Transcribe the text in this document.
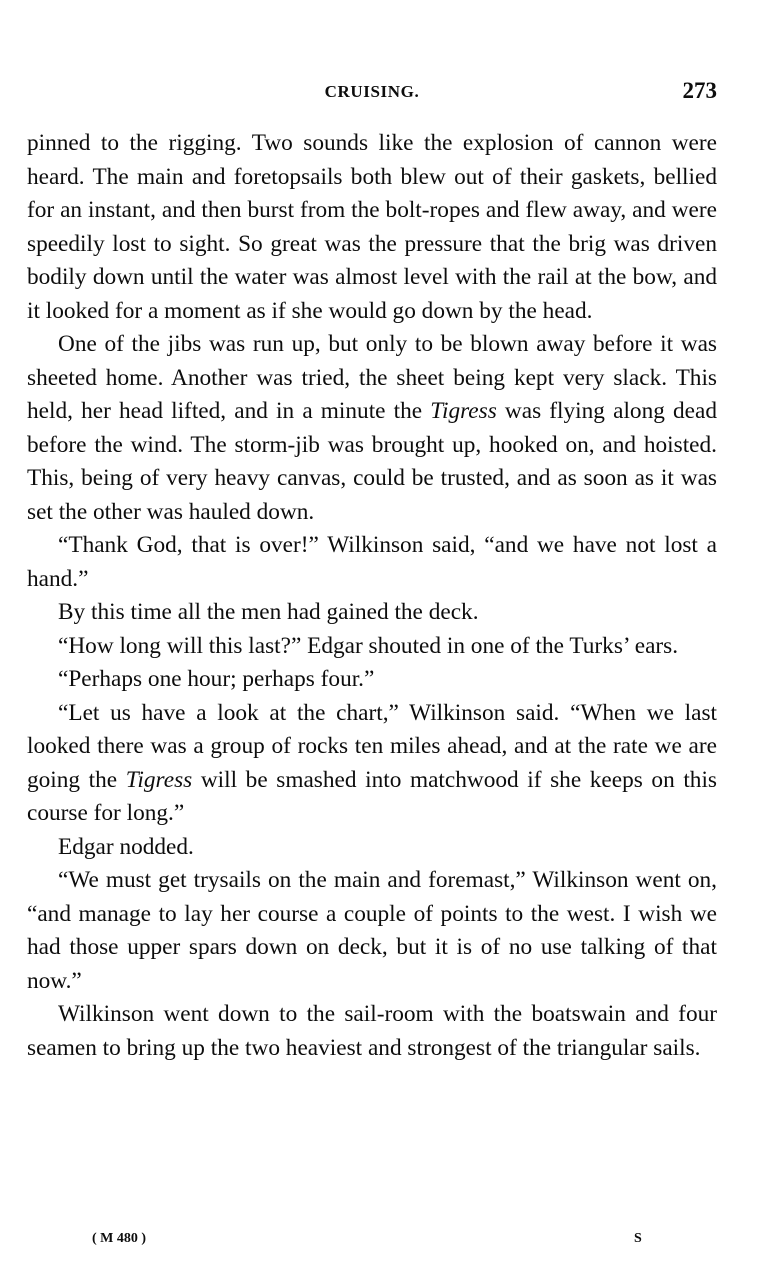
CRUISING.	273

pinned to the rigging. Two sounds like the explosion of cannon were heard. The main and foretopsails both blew out of their gaskets, bellied for an instant, and then burst from the bolt-ropes and flew away, and were speedily lost to sight. So great was the pressure that the brig was driven bodily down until the water was almost level with the rail at the bow, and it looked for a moment as if she would go down by the head.

One of the jibs was run up, but only to be blown away before it was sheeted home. Another was tried, the sheet being kept very slack. This held, her head lifted, and in a minute the Tigress was flying along dead before the wind. The storm-jib was brought up, hooked on, and hoisted. This, being of very heavy canvas, could be trusted, and as soon as it was set the other was hauled down.

“Thank God, that is over!” Wilkinson said, “and we have not lost a hand.”

By this time all the men had gained the deck.

“How long will this last?” Edgar shouted in one of the Turks’ ears.

“Perhaps one hour; perhaps four.”

“Let us have a look at the chart,” Wilkinson said. “When we last looked there was a group of rocks ten miles ahead, and at the rate we are going the Tigress will be smashed into matchwood if she keeps on this course for long.”

Edgar nodded.

“We must get trysails on the main and foremast,” Wilkinson went on, “and manage to lay her course a couple of points to the west. I wish we had those upper spars down on deck, but it is of no use talking of that now.”

Wilkinson went down to the sail-room with the boatswain and four seamen to bring up the two heaviest and strongest of the triangular sails.

( M 480 )	S
